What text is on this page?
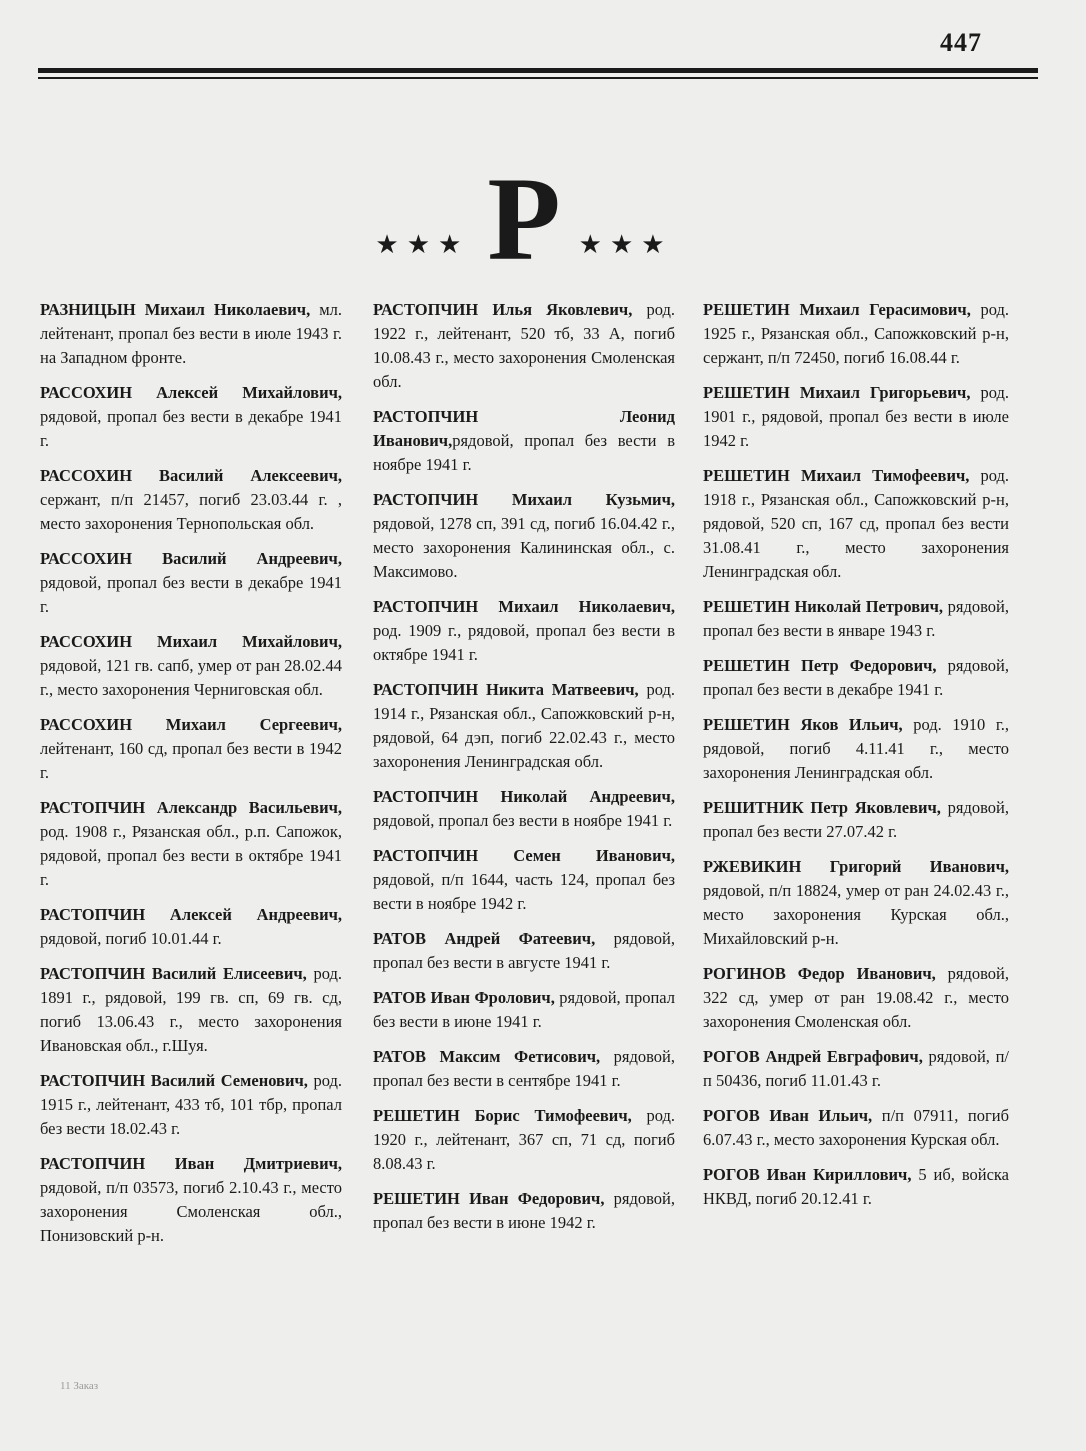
447
★★★ Р ★★★

РАЗНИЦЫН Михаил Николаевич, мл. лейтенант, пропал без вести в июле 1943 г. на Западном фронте.

РАССОХИН Алексей Михайлович, рядовой, пропал без вести в декабре 1941 г.

РАССОХИН Василий Алексеевич, сержант, п/п 21457, погиб 23.03.44 г. , место захоронения Тернопольская обл.

РАССОХИН Василий Андреевич, рядовой, пропал без вести в декабре 1941 г.

РАССОХИН Михаил Михайлович, рядовой, 121 гв. сапб, умер от ран 28.02.44 г., место захоронения Черниговская обл.

РАССОХИН Михаил Сергеевич, лейтенант, 160 сд, пропал без вести в 1942 г.

РАСТОПЧИН Александр Васильевич, род. 1908 г., Рязанская обл., р.п. Сапожок, рядовой, пропал без вести в октябре 1941 г.

РАСТОПЧИН Алексей Андреевич, рядовой, погиб 10.01.44 г.

РАСТОПЧИН Василий Елисеевич, род. 1891 г., рядовой, 199 гв. сп, 69 гв. сд, погиб 13.06.43 г., место захоронения Ивановская обл., г.Шуя.

РАСТОПЧИН Василий Семенович, род. 1915 г., лейтенант, 433 тб, 101 тбр, пропал без вести 18.02.43 г.

РАСТОПЧИН Иван Дмитриевич, рядовой, п/п 03573, погиб 2.10.43 г., место захоронения Смоленская обл., Понизовский р-н.

РАСТОПЧИН Илья Яковлевич, род. 1922 г., лейтенант, 520 тб, 33 А, погиб 10.08.43 г., место захоронения Смоленская обл.

РАСТОПЧИН	Леонид Иванович,рядовой, пропал без вести в ноябре 1941 г.

РАСТОПЧИН Михаил Кузьмич, рядовой, 1278 сп, 391 сд, погиб 16.04.42 г., место захоронения Калининская обл., с. Максимово.

РАСТОПЧИН Михаил Николаевич, род. 1909 г., рядовой, пропал без вести в октябре 1941 г.

РАСТОПЧИН Никита Матвеевич, род. 1914 г., Рязанская обл., Сапожковский р-н, рядовой, 64 дэп, погиб 22.02.43 г., место захоронения Ленинградская обл.

РАСТОПЧИН Николай Андреевич, рядовой, пропал без вести в ноябре 1941 г.

РАСТОПЧИН Семен Иванович, рядовой, п/п 1644, часть 124, пропал без вести в ноябре 1942 г.

РАТОВ Андрей Фатеевич, рядовой, пропал без вести в августе 1941 г.

РАТОВ Иван Фролович, рядовой, пропал без вести в июне 1941 г.

РАТОВ Максим Фетисович, рядовой, пропал без вести в сентябре 1941 г.

РЕШЕТИН Борис Тимофеевич, род. 1920 г., лейтенант, 367 сп, 71 сд, погиб 8.08.43 г.

РЕШЕТИН Иван Федорович, рядовой, пропал без вести в июне 1942 г.

РЕШЕТИН Михаил Герасимович, род. 1925 г., Рязанская обл., Сапожковский р-н, сержант, п/п 72450, погиб 16.08.44 г.

РЕШЕТИН Михаил Григорьевич, род. 1901 г., рядовой, пропал без вести в июле 1942 г.

РЕШЕТИН Михаил Тимофеевич, род. 1918 г., Рязанская обл., Сапожковский р-н, рядовой, 520 сп, 167 сд, пропал без вести 31.08.41 г., место захоронения Ленинградская обл.

РЕШЕТИН Николай Петрович, рядовой, пропал без вести в январе 1943 г.

РЕШЕТИН Петр Федорович, рядовой, пропал без вести в декабре 1941 г.

РЕШЕТИН Яков Ильич, род. 1910 г., рядовой, погиб 4.11.41 г., место захоронения Ленинградская обл.

РЕШИТНИК Петр Яковлевич, рядовой, пропал без вести 27.07.42 г.

РЖЕВИКИН Григорий Иванович, рядовой, п/п 18824, умер от ран 24.02.43 г., место захоронения Курская обл., Михайловский р-н.

РОГИНОВ Федор Иванович, рядовой, 322 сд, умер от ран 19.08.42 г., место захоронения Смоленская обл.

РОГОВ Андрей Евграфович, рядовой, п/п 50436, погиб 11.01.43 г.

РОГОВ Иван Ильич, п/п 07911, погиб 6.07.43 г., место захоронения Курская обл.

РОГОВ Иван Кириллович, 5 иб, войска НКВД, погиб 20.12.41 г.

11 Заказ
